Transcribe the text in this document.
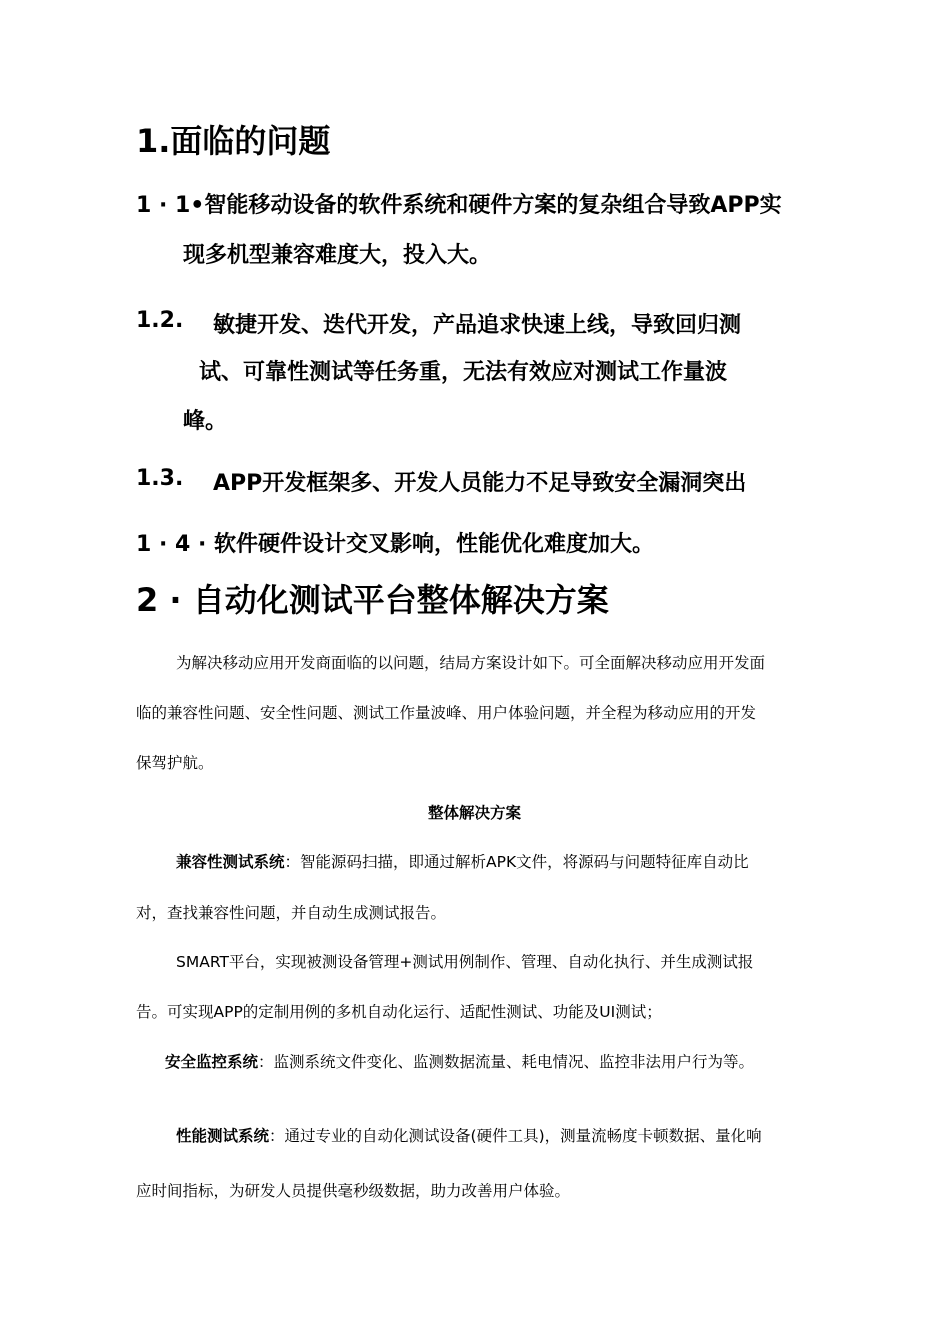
1.面临的问题
1 · 1•智能移动设备的软件系统和硬件方案的复杂组合导致APP实
现多机型兼容难度大，投入大。
1.2. 敏捷开发、迭代开发，产品追求快速上线，导致回归测
试、可靠性测试等任务重，无法有效应对测试工作量波
峰。
1.3. APP开发框架多、开发人员能力不足导致安全漏洞突出
1 · 4 · 软件硬件设计交叉影响，性能优化难度加大。
2 · 自动化测试平台整体解决方案
为解决移动应用开发商面临的以问题，结局方案设计如下。可全面解决移动应用开发面
临的兼容性问题、安全性问题、测试工作量波峰、用户体验问题，并全程为移动应用的开发
保驾护航。
整体解决方案
兼容性测试系统：智能源码扫描，即通过解析APK文件，将源码与问题特征库自动比
对，查找兼容性问题，并自动生成测试报告。
SMART平台，实现被测设备管理+测试用例制作、管理、自动化执行、并生成测试报
告。可实现APP的定制用例的多机自动化运行、适配性测试、功能及UI测试；
安全监控系统：监测系统文件变化、监测数据流量、耗电情况、监控非法用户行为等。
性能测试系统：通过专业的自动化测试设备(硬件工具)，测量流畅度卡顿数据、量化响
应时间指标，为研发人员提供毫秒级数据，助力改善用户体验。
